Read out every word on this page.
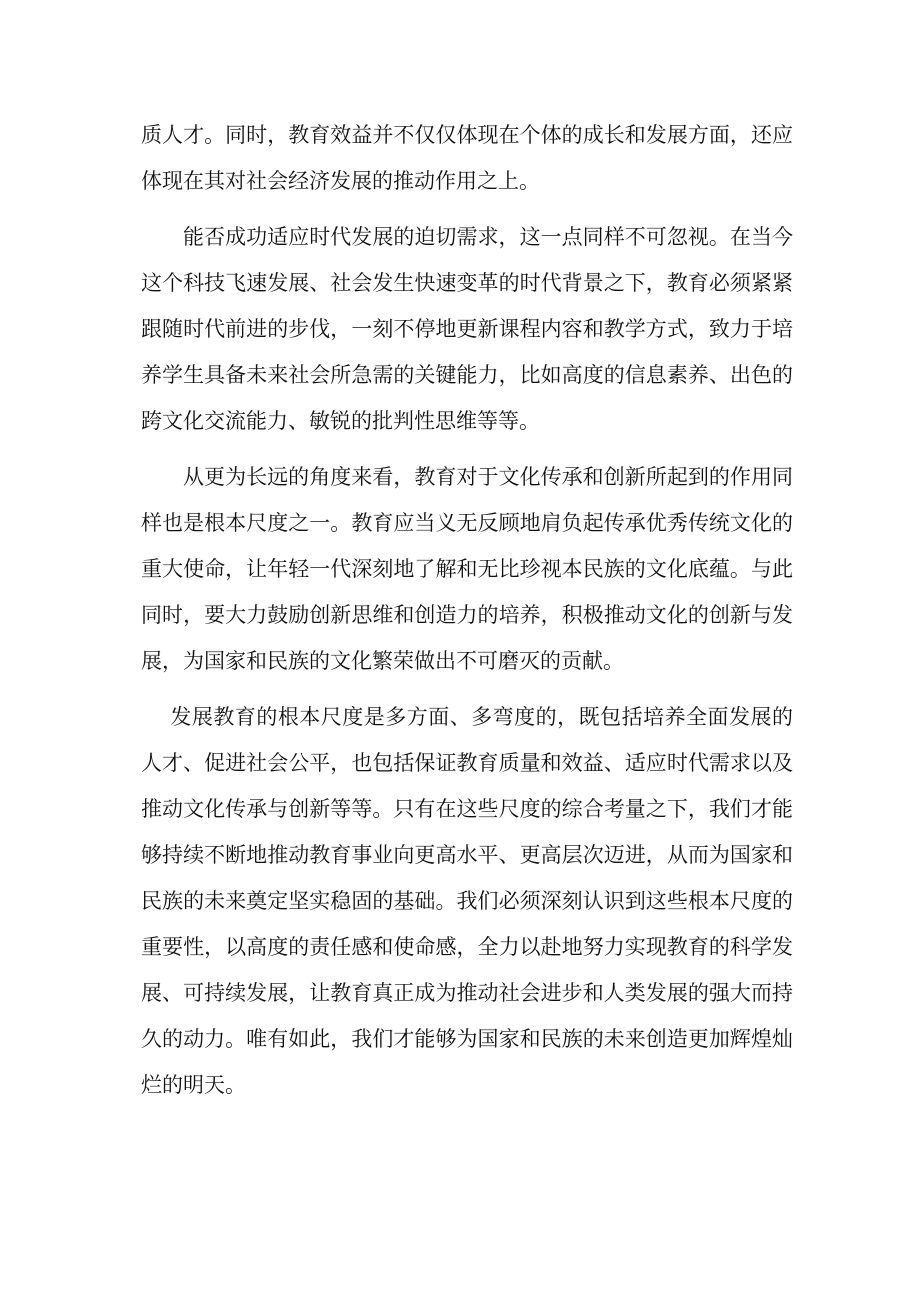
质人才。同时，教育效益并不仅仅体现在个体的成长和发展方面，还应体现在其对社会经济发展的推动作用之上。

能否成功适应时代发展的迫切需求，这一点同样不可忽视。在当今这个科技飞速发展、社会发生快速变革的时代背景之下，教育必须紧紧跟随时代前进的步伐，一刻不停地更新课程内容和教学方式，致力于培养学生具备未来社会所急需的关键能力，比如高度的信息素养、出色的跨文化交流能力、敏锐的批判性思维等等。

从更为长远的角度来看，教育对于文化传承和创新所起到的作用同样也是根本尺度之一。教育应当义无反顾地肩负起传承优秀传统文化的重大使命，让年轻一代深刻地了解和无比珍视本民族的文化底蕴。与此同时，要大力鼓励创新思维和创造力的培养，积极推动文化的创新与发展，为国家和民族的文化繁荣做出不可磨灭的贡献。

发展教育的根本尺度是多方面、多弯度的，既包括培养全面发展的人才、促进社会公平，也包括保证教育质量和效益、适应时代需求以及推动文化传承与创新等等。只有在这些尺度的综合考量之下，我们才能够持续不断地推动教育事业向更高水平、更高层次迈进，从而为国家和民族的未来奠定坚实稳固的基础。我们必须深刻认识到这些根本尺度的重要性，以高度的责任感和使命感，全力以赴地努力实现教育的科学发展、可持续发展，让教育真正成为推动社会进步和人类发展的强大而持久的动力。唯有如此，我们才能够为国家和民族的未来创造更加辉煌灿烂的明天。
